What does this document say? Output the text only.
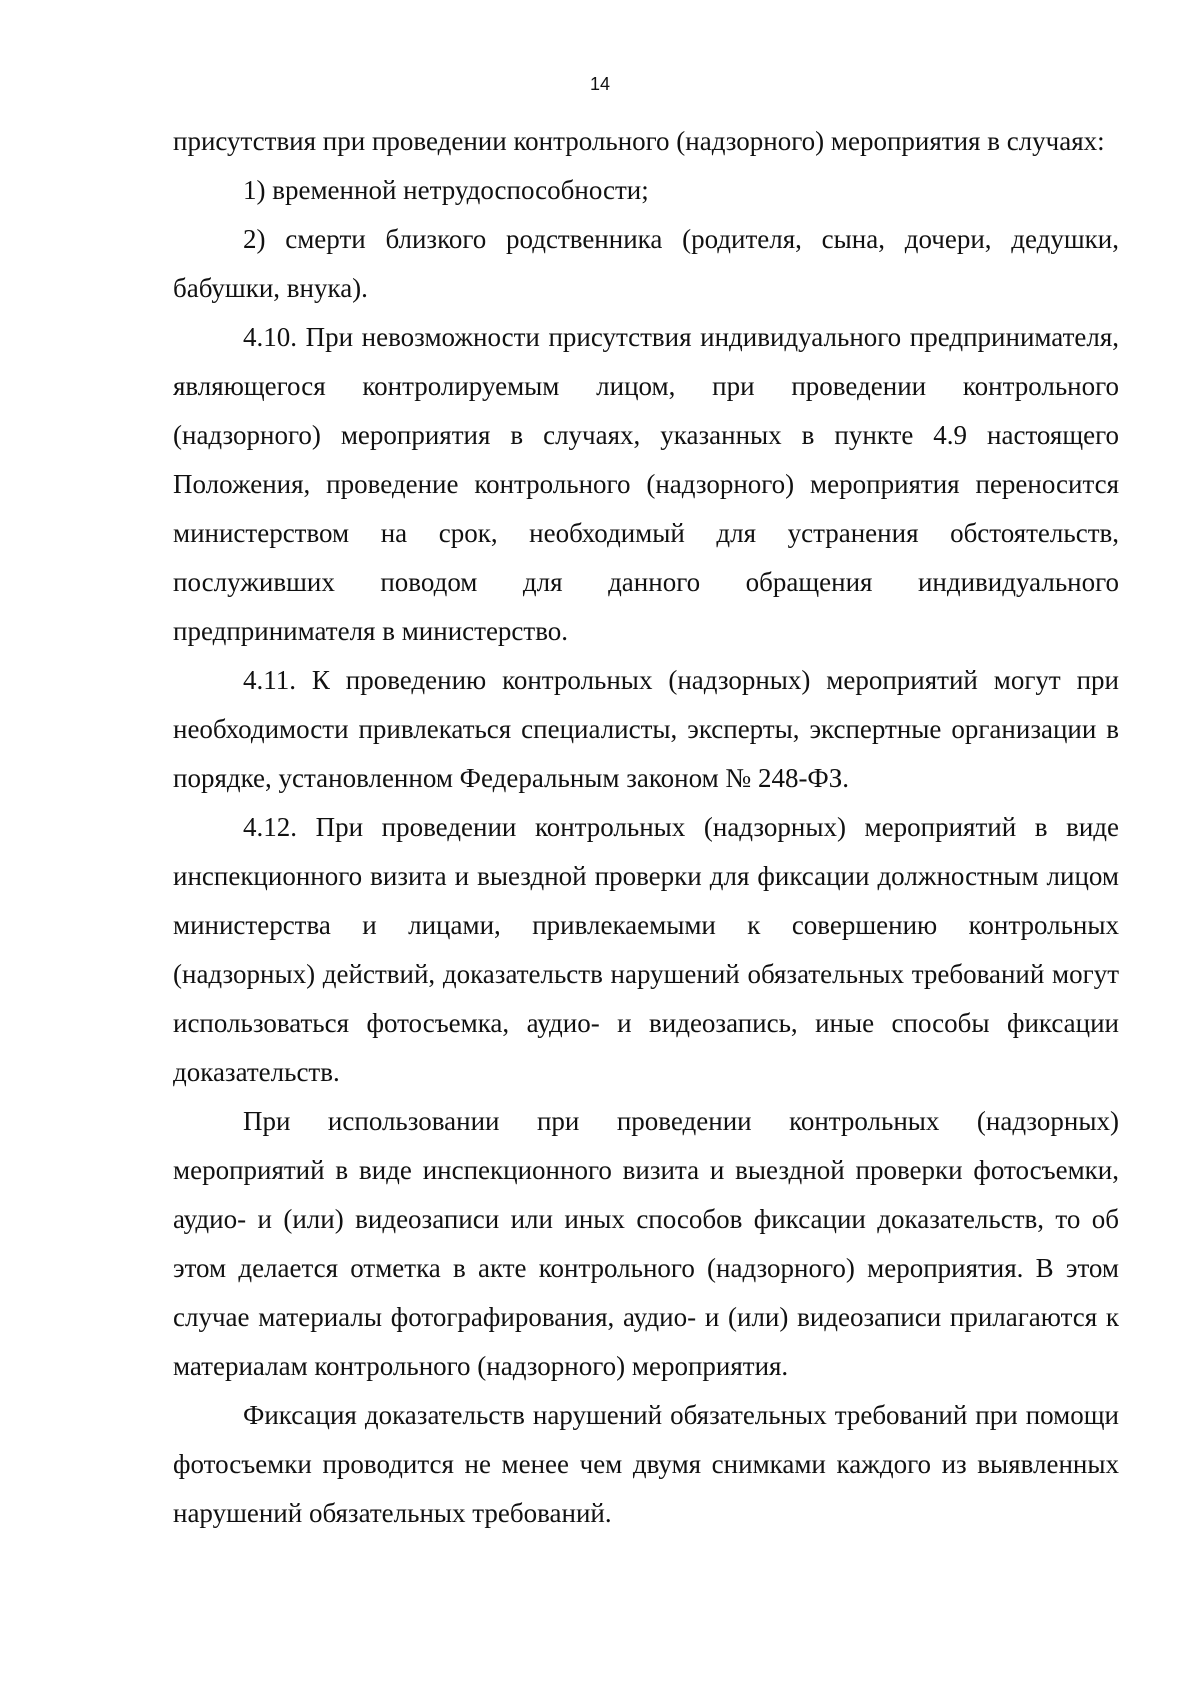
14

присутствия при проведении контрольного (надзорного) мероприятия в случаях:

1) временной нетрудоспособности;

2) смерти близкого родственника (родителя, сына, дочери, дедушки, бабушки, внука).

4.10. При невозможности присутствия индивидуального предпринимателя, являющегося контролируемым лицом, при проведении контрольного (надзорного) мероприятия в случаях, указанных в пункте 4.9 настоящего Положения, проведение контрольного (надзорного) мероприятия переносится министерством на срок, необходимый для устранения обстоятельств, послуживших поводом для данного обращения индивидуального предпринимателя в министерство.

4.11. К проведению контрольных (надзорных) мероприятий могут при необходимости привлекаться специалисты, эксперты, экспертные организации в порядке, установленном Федеральным законом № 248-ФЗ.

4.12. При проведении контрольных (надзорных) мероприятий в виде инспекционного визита и выездной проверки для фиксации должностным лицом министерства и лицами, привлекаемыми к совершению контрольных (надзорных) действий, доказательств нарушений обязательных требований могут использоваться фотосъемка, аудио- и видеозапись, иные способы фиксации доказательств.

При использовании при проведении контрольных (надзорных) мероприятий в виде инспекционного визита и выездной проверки фотосъемки, аудио- и (или) видеозаписи или иных способов фиксации доказательств, то об этом делается отметка в акте контрольного (надзорного) мероприятия. В этом случае материалы фотографирования, аудио- и (или) видеозаписи прилагаются к материалам контрольного (надзорного) мероприятия.

Фиксация доказательств нарушений обязательных требований при помощи фотосъемки проводится не менее чем двумя снимками каждого из выявленных нарушений обязательных требований.
